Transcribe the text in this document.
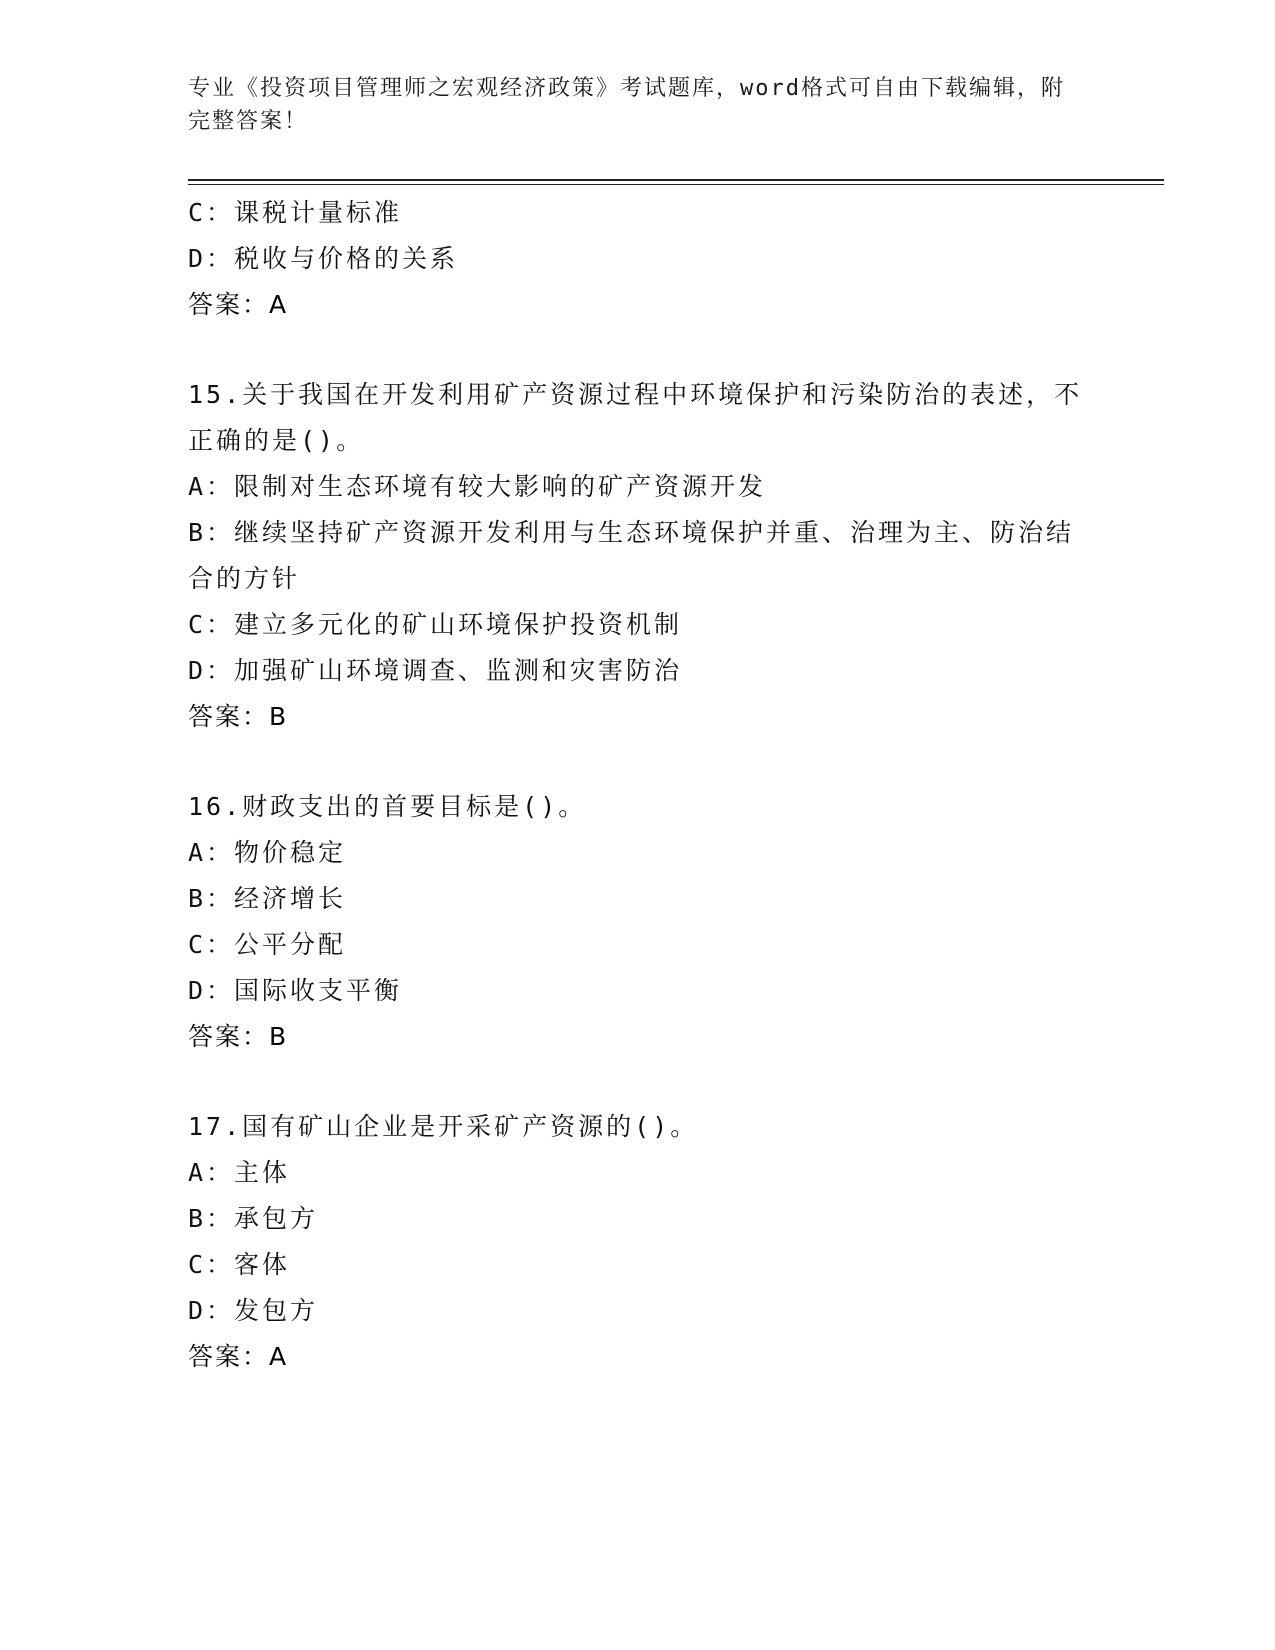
专业《投资项目管理师之宏观经济政策》考试题库，word格式可自由下载编辑，附完整答案！
C：课税计量标准
D：税收与价格的关系
答案：A
15.关于我国在开发利用矿产资源过程中环境保护和污染防治的表述，不正确的是()。
A：限制对生态环境有较大影响的矿产资源开发
B：继续坚持矿产资源开发利用与生态环境保护并重、治理为主、防治结合的方针
C：建立多元化的矿山环境保护投资机制
D：加强矿山环境调查、监测和灾害防治
答案：B
16.财政支出的首要目标是()。
A：物价稳定
B：经济增长
C：公平分配
D：国际收支平衡
答案：B
17.国有矿山企业是开采矿产资源的()。
A：主体
B：承包方
C：客体
D：发包方
答案：A
